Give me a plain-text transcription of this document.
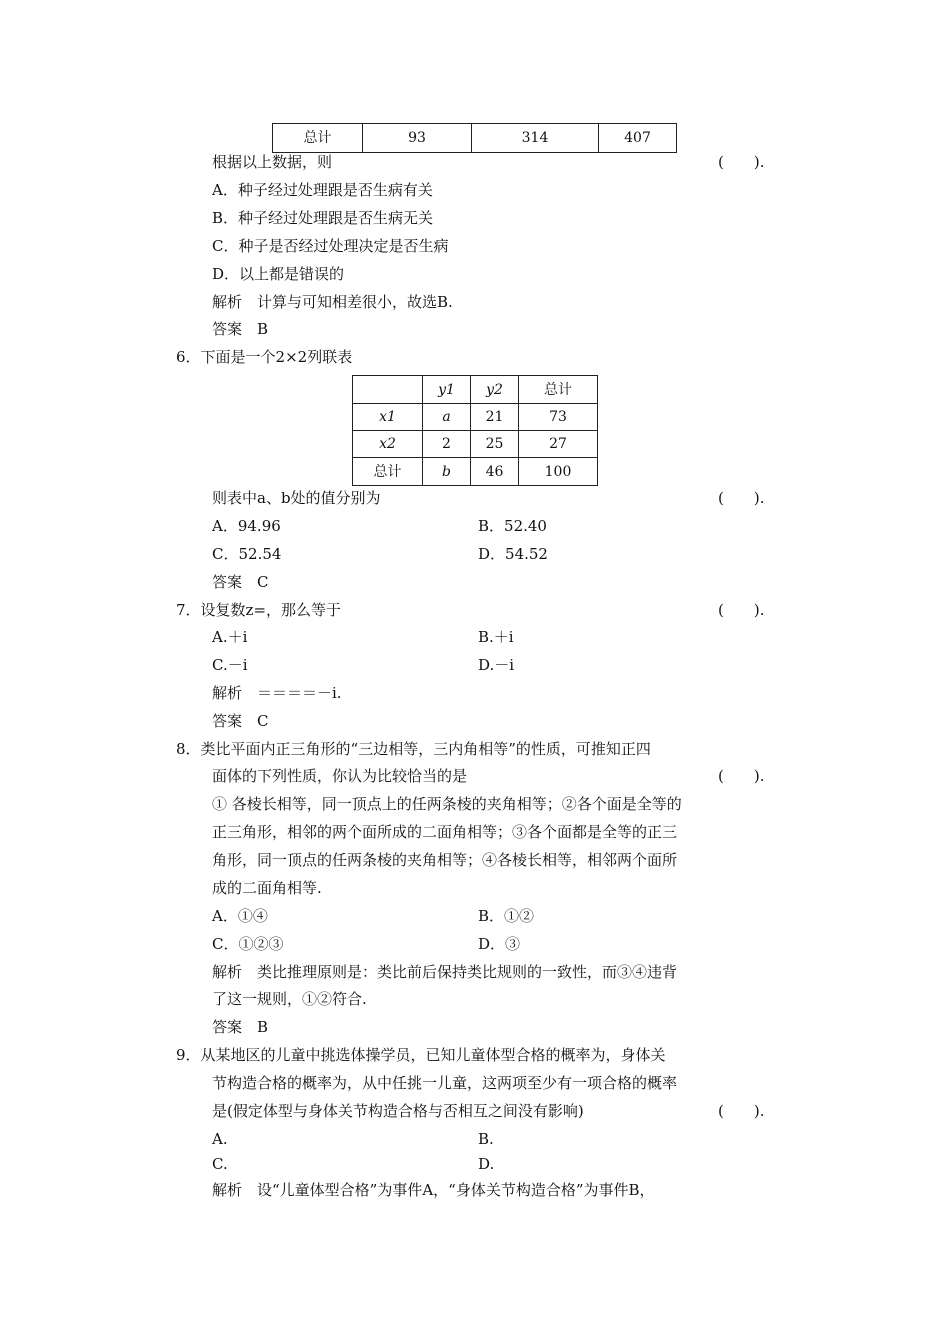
总计	93	314	407
根据以上数据，则	(　　).
A．种子经过处理跟是否生病有关
B．种子经过处理跟是否生病无关
C．种子是否经过处理决定是否生病
D．以上都是错误的
解析　计算与可知相差很小，故选B.
答案　B
6．下面是一个2×2列联表
	y1	y2	总计
x1	a	21	73
x2	2	25	27
总计	b	46	100
则表中a、b处的值分别为	(　　).
A．94.96	B．52.40
C．52.54	D．54.52
答案　C
7．设复数z=，那么等于	(　　).
A.＋i	B.＋i
C.－i	D.－i
解析　＝＝＝＝－i.
答案　C
8．类比平面内正三角形的“三边相等，三内角相等”的性质，可推知正四
面体的下列性质，你认为比较恰当的是	(　　).
① 各棱长相等，同一顶点上的任两条棱的夹角相等；②各个面是全等的
正三角形，相邻的两个面所成的二面角相等；③各个面都是全等的正三
角形，同一顶点的任两条棱的夹角相等；④各棱长相等，相邻两个面所
成的二面角相等.
A．①④	B．①②
C．①②③	D．③
解析　类比推理原则是：类比前后保持类比规则的一致性，而③④违背
了这一规则，①②符合.
答案　B
9．从某地区的儿童中挑选体操学员，已知儿童体型合格的概率为，身体关
节构造合格的概率为，从中任挑一儿童，这两项至少有一项合格的概率
是(假定体型与身体关节构造合格与否相互之间没有影响)	(　　).
A.	B.
C.	D.
解析　设“儿童体型合格”为事件A，“身体关节构造合格”为事件B，
